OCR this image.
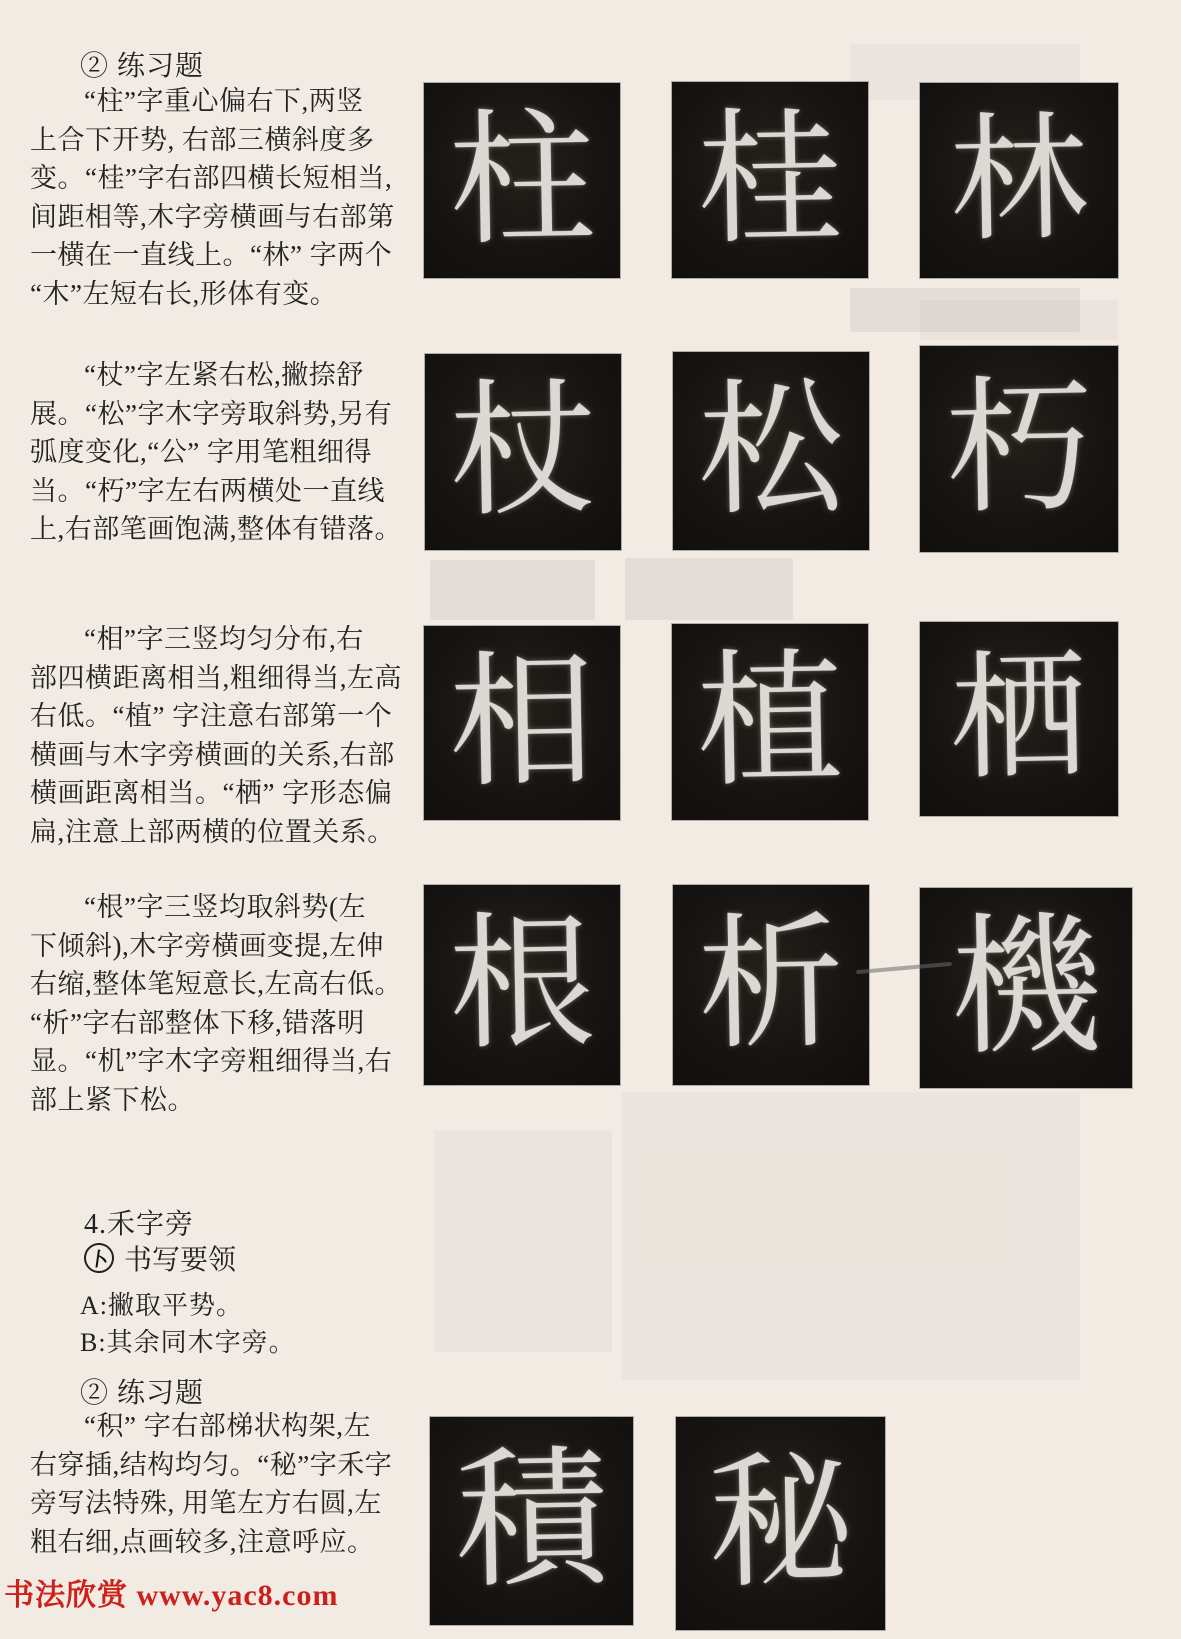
② 练习题
“柱”字重心偏右下,两竖
上合下开势, 右部三横斜度多
变。“桂”字右部四横长短相当,
间距相等,木字旁横画与右部第
一横在一直线上。“林” 字两个
“木”左短右长,形体有变。
“杖”字左紧右松,撇捺舒
展。“松”字木字旁取斜势,另有
弧度变化,“公” 字用笔粗细得
当。“朽”字左右两横处一直线
上,右部笔画饱满,整体有错落。
“相”字三竖均匀分布,右
部四横距离相当,粗细得当,左高
右低。“植” 字注意右部第一个
横画与木字旁横画的关系,右部
横画距离相当。“栖” 字形态偏
扁,注意上部两横的位置关系。
“根”字三竖均取斜势(左
下倾斜),木字旁横画变提,左伸
右缩,整体笔短意长,左高右低。
“析”字右部整体下移,错落明
显。“机”字木字旁粗细得当,右
部上紧下松。
4.禾字旁
卜 书写要领
A:撇取平势。
B:其余同木字旁。
② 练习题
“积” 字右部梯状构架,左
右穿插,结构均匀。“秘”字禾字
旁写法特殊, 用笔左方右圆,左
粗右细,点画较多,注意呼应。
柱 桂 林
杖 松 朽
相 植 栖
根 析 機
積 秘
书法欣赏 www.yac8.com
